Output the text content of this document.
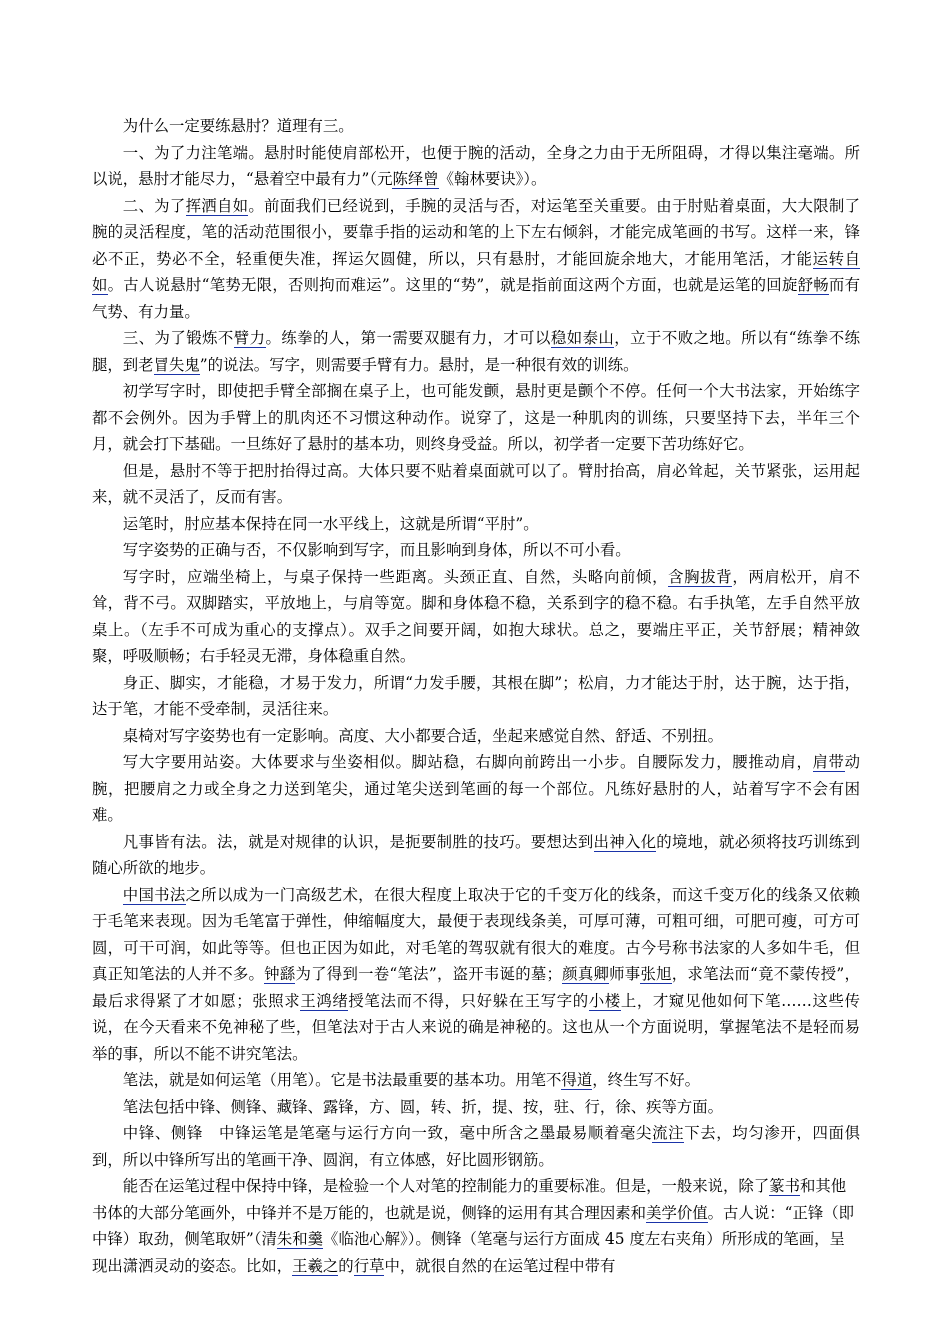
为什么一定要练悬肘？道理有三。

一、为了力注笔端。悬肘时能使肩部松开，也便于腕的活动，全身之力由于无所阻碍，才得以集注毫端。所以说，悬肘才能尽力，“悬着空中最有力”（元陈绎曾《翰林要诀》）。

二、为了挥洒自如。前面我们已经说到，手腕的灵活与否，对运笔至关重要。由于肘贴着桌面，大大限制了腕的灵活程度，笔的活动范围很小，要靠手指的运动和笔的上下左右倾斜，才能完成笔画的书写。这样一来，锋必不正，势必不全，轻重便失准，挥运欠圆健，所以，只有悬肘，才能回旋余地大，才能用笔活，才能运转自如。古人说悬肘“笔势无限，否则拘而难运”。这里的“势”，就是指前面这两个方面，也就是运笔的回旋舒畅而有气势、有力量。

三、为了锻炼不臂力。练拳的人，第一需要双腿有力，才可以稳如泰山，立于不败之地。所以有“练拳不练腿，到老冒失鬼”的说法。写字，则需要手臂有力。悬肘，是一种很有效的训练。

初学写字时，即使把手臂全部搁在桌子上，也可能发颤，悬肘更是颤个不停。任何一个大书法家，开始练字都不会例外。因为手臂上的肌肉还不习惯这种动作。说穿了，这是一种肌肉的训练，只要坚持下去，半年三个月，就会打下基础。一旦练好了悬肘的基本功，则终身受益。所以，初学者一定要下苦功练好它。

但是，悬肘不等于把肘抬得过高。大体只要不贴着桌面就可以了。臂肘抬高，肩必耸起，关节紧张，运用起来，就不灵活了，反而有害。

运笔时，肘应基本保持在同一水平线上，这就是所谓“平肘”。

写字姿势的正确与否，不仅影响到写字，而且影响到身体，所以不可小看。

写字时，应端坐椅上，与桌子保持一些距离。头颈正直、自然，头略向前倾，含胸拔背，两肩松开，肩不耸，背不弓。双脚踏实，平放地上，与肩等宽。脚和身体稳不稳，关系到字的稳不稳。右手执笔，左手自然平放桌上。（左手不可成为重心的支撑点）。双手之间要开阔，如抱大球状。总之，要端庄平正，关节舒展；精神敛聚，呼吸顺畅；右手轻灵无滞，身体稳重自然。

身正、脚实，才能稳，才易于发力，所谓“力发手腰，其根在脚”；松肩，力才能达于肘，达于腕，达于指，达于笔，才能不受牵制，灵活往来。

桌椅对写字姿势也有一定影响。高度、大小都要合适，坐起来感觉自然、舒适、不别扭。

写大字要用站姿。大体要求与坐姿相似。脚站稳，右脚向前跨出一小步。自腰际发力，腰推动肩，肩带动腕，把腰肩之力或全身之力送到笔尖，通过笔尖送到笔画的每一个部位。凡练好悬肘的人，站着写字不会有困难。

凡事皆有法。法，就是对规律的认识，是扼要制胜的技巧。要想达到出神入化的境地，就必须将技巧训练到随心所欲的地步。

中国书法之所以成为一门高级艺术，在很大程度上取决于它的千变万化的线条，而这千变万化的线条又依赖于毛笔来表现。因为毛笔富于弹性，伸缩幅度大，最便于表现线条美，可厚可薄，可粗可细，可肥可瘦，可方可圆，可干可润，如此等等。但也正因为如此，对毛笔的驾驭就有很大的难度。古今号称书法家的人多如牛毛，但真正知笔法的人并不多。钟繇为了得到一卷“笔法”，盗开韦诞的墓；颜真卿师事张旭，求笔法而“竟不蒙传授”，最后求得紧了才如愿；张照求王鸿绪授笔法而不得，只好躲在王写字的小楼上，才窥见他如何下笔……这些传说，在今天看来不免神秘了些，但笔法对于古人来说的确是神秘的。这也从一个方面说明，掌握笔法不是轻而易举的事，所以不能不讲究笔法。

笔法，就是如何运笔（用笔）。它是书法最重要的基本功。用笔不得道，终生写不好。

笔法包括中锋、侧锋、藏锋、露锋，方、圆，转、折，提、按，驻、行，徐、疾等方面。

中锋、侧锋　中锋运笔是笔毫与运行方向一致，毫中所含之墨最易顺着毫尖流注下去，均匀渗开，四面俱到，所以中锋所写出的笔画干净、圆润，有立体感，好比圆形钢筋。

能否在运笔过程中保持中锋，是检验一个人对笔的控制能力的重要标准。但是，一般来说，除了篆书和其他书体的大部分笔画外，中锋并不是万能的，也就是说，侧锋的运用有其合理因素和美学价值。古人说：“正锋（即中锋）取劲，侧笔取妍”（清朱和羹《临池心解》）。侧锋（笔毫与运行方面成 45 度左右夹角）所形成的笔画，呈现出潇洒灵动的姿态。比如，王羲之的行草中，就很自然的在运笔过程中带有
